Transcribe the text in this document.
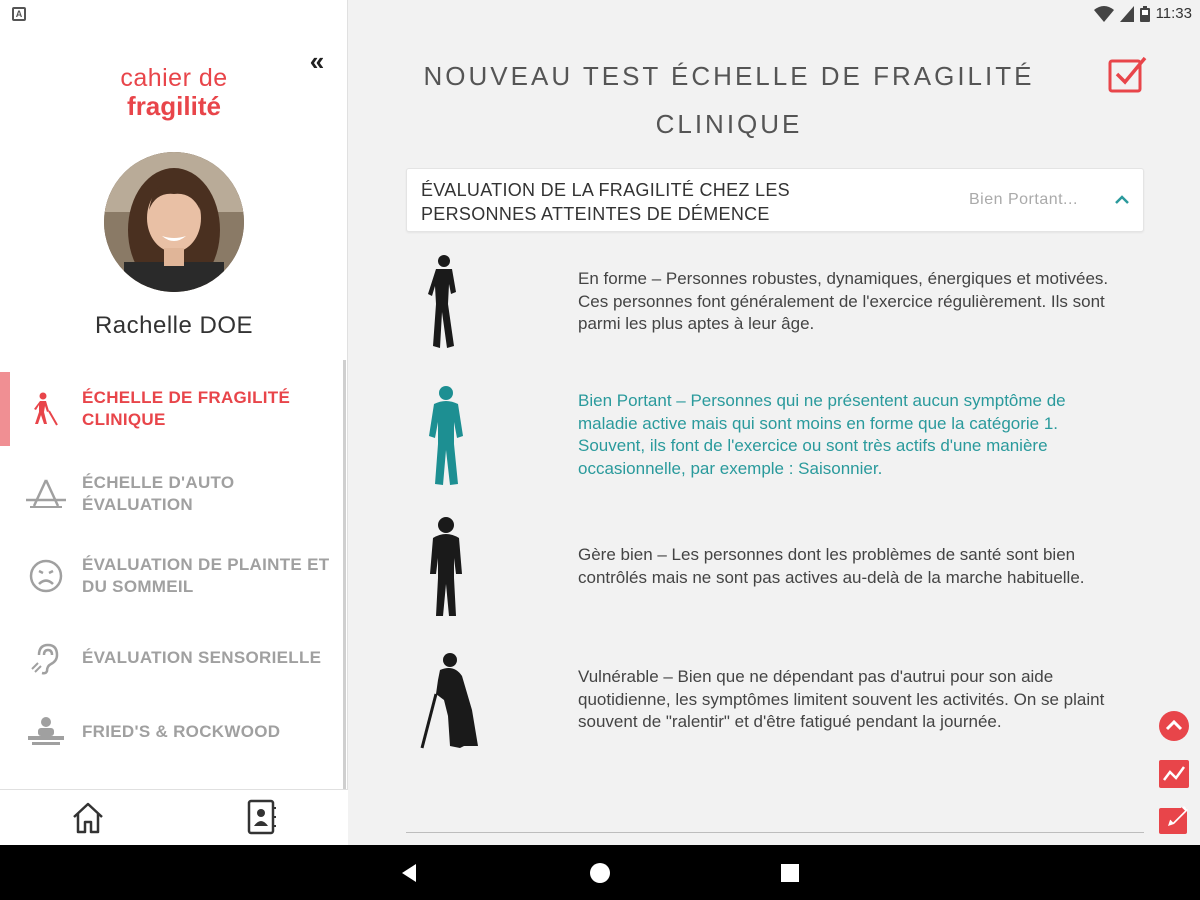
«
cahier de
fragilité
Rachelle DOE
ÉCHELLE DE FRAGILITÉ CLINIQUE
ÉCHELLE D'AUTO ÉVALUATION
ÉVALUATION DE PLAINTE ET DU SOMMEIL
ÉVALUATION SENSORIELLE
FRIED'S & ROCKWOOD
A	11:33
NOUVEAU TEST ÉCHELLE DE FRAGILITÉ CLINIQUE
ÉVALUATION DE LA FRAGILITÉ CHEZ LES PERSONNES ATTEINTES DE DÉMENCE
Bien Portant...
En forme – Personnes robustes, dynamiques, énergiques et motivées. Ces personnes font généralement de l'exercice régulièrement. Ils sont parmi les plus aptes à leur âge.
Bien Portant – Personnes qui ne présentent aucun symptôme de maladie active mais qui sont moins en forme que la catégorie 1. Souvent, ils font de l'exercice ou sont très actifs d'une manière occasionnelle, par exemple : Saisonnier.
Gère bien – Les personnes dont les problèmes de santé sont bien contrôlés mais ne sont pas actives au-delà de la marche habituelle.
Vulnérable – Bien que ne dépendant pas d'autrui pour son aide quotidienne, les symptômes limitent souvent les activités. On se plaint souvent de "ralentir" et d'être fatigué pendant la journée.
